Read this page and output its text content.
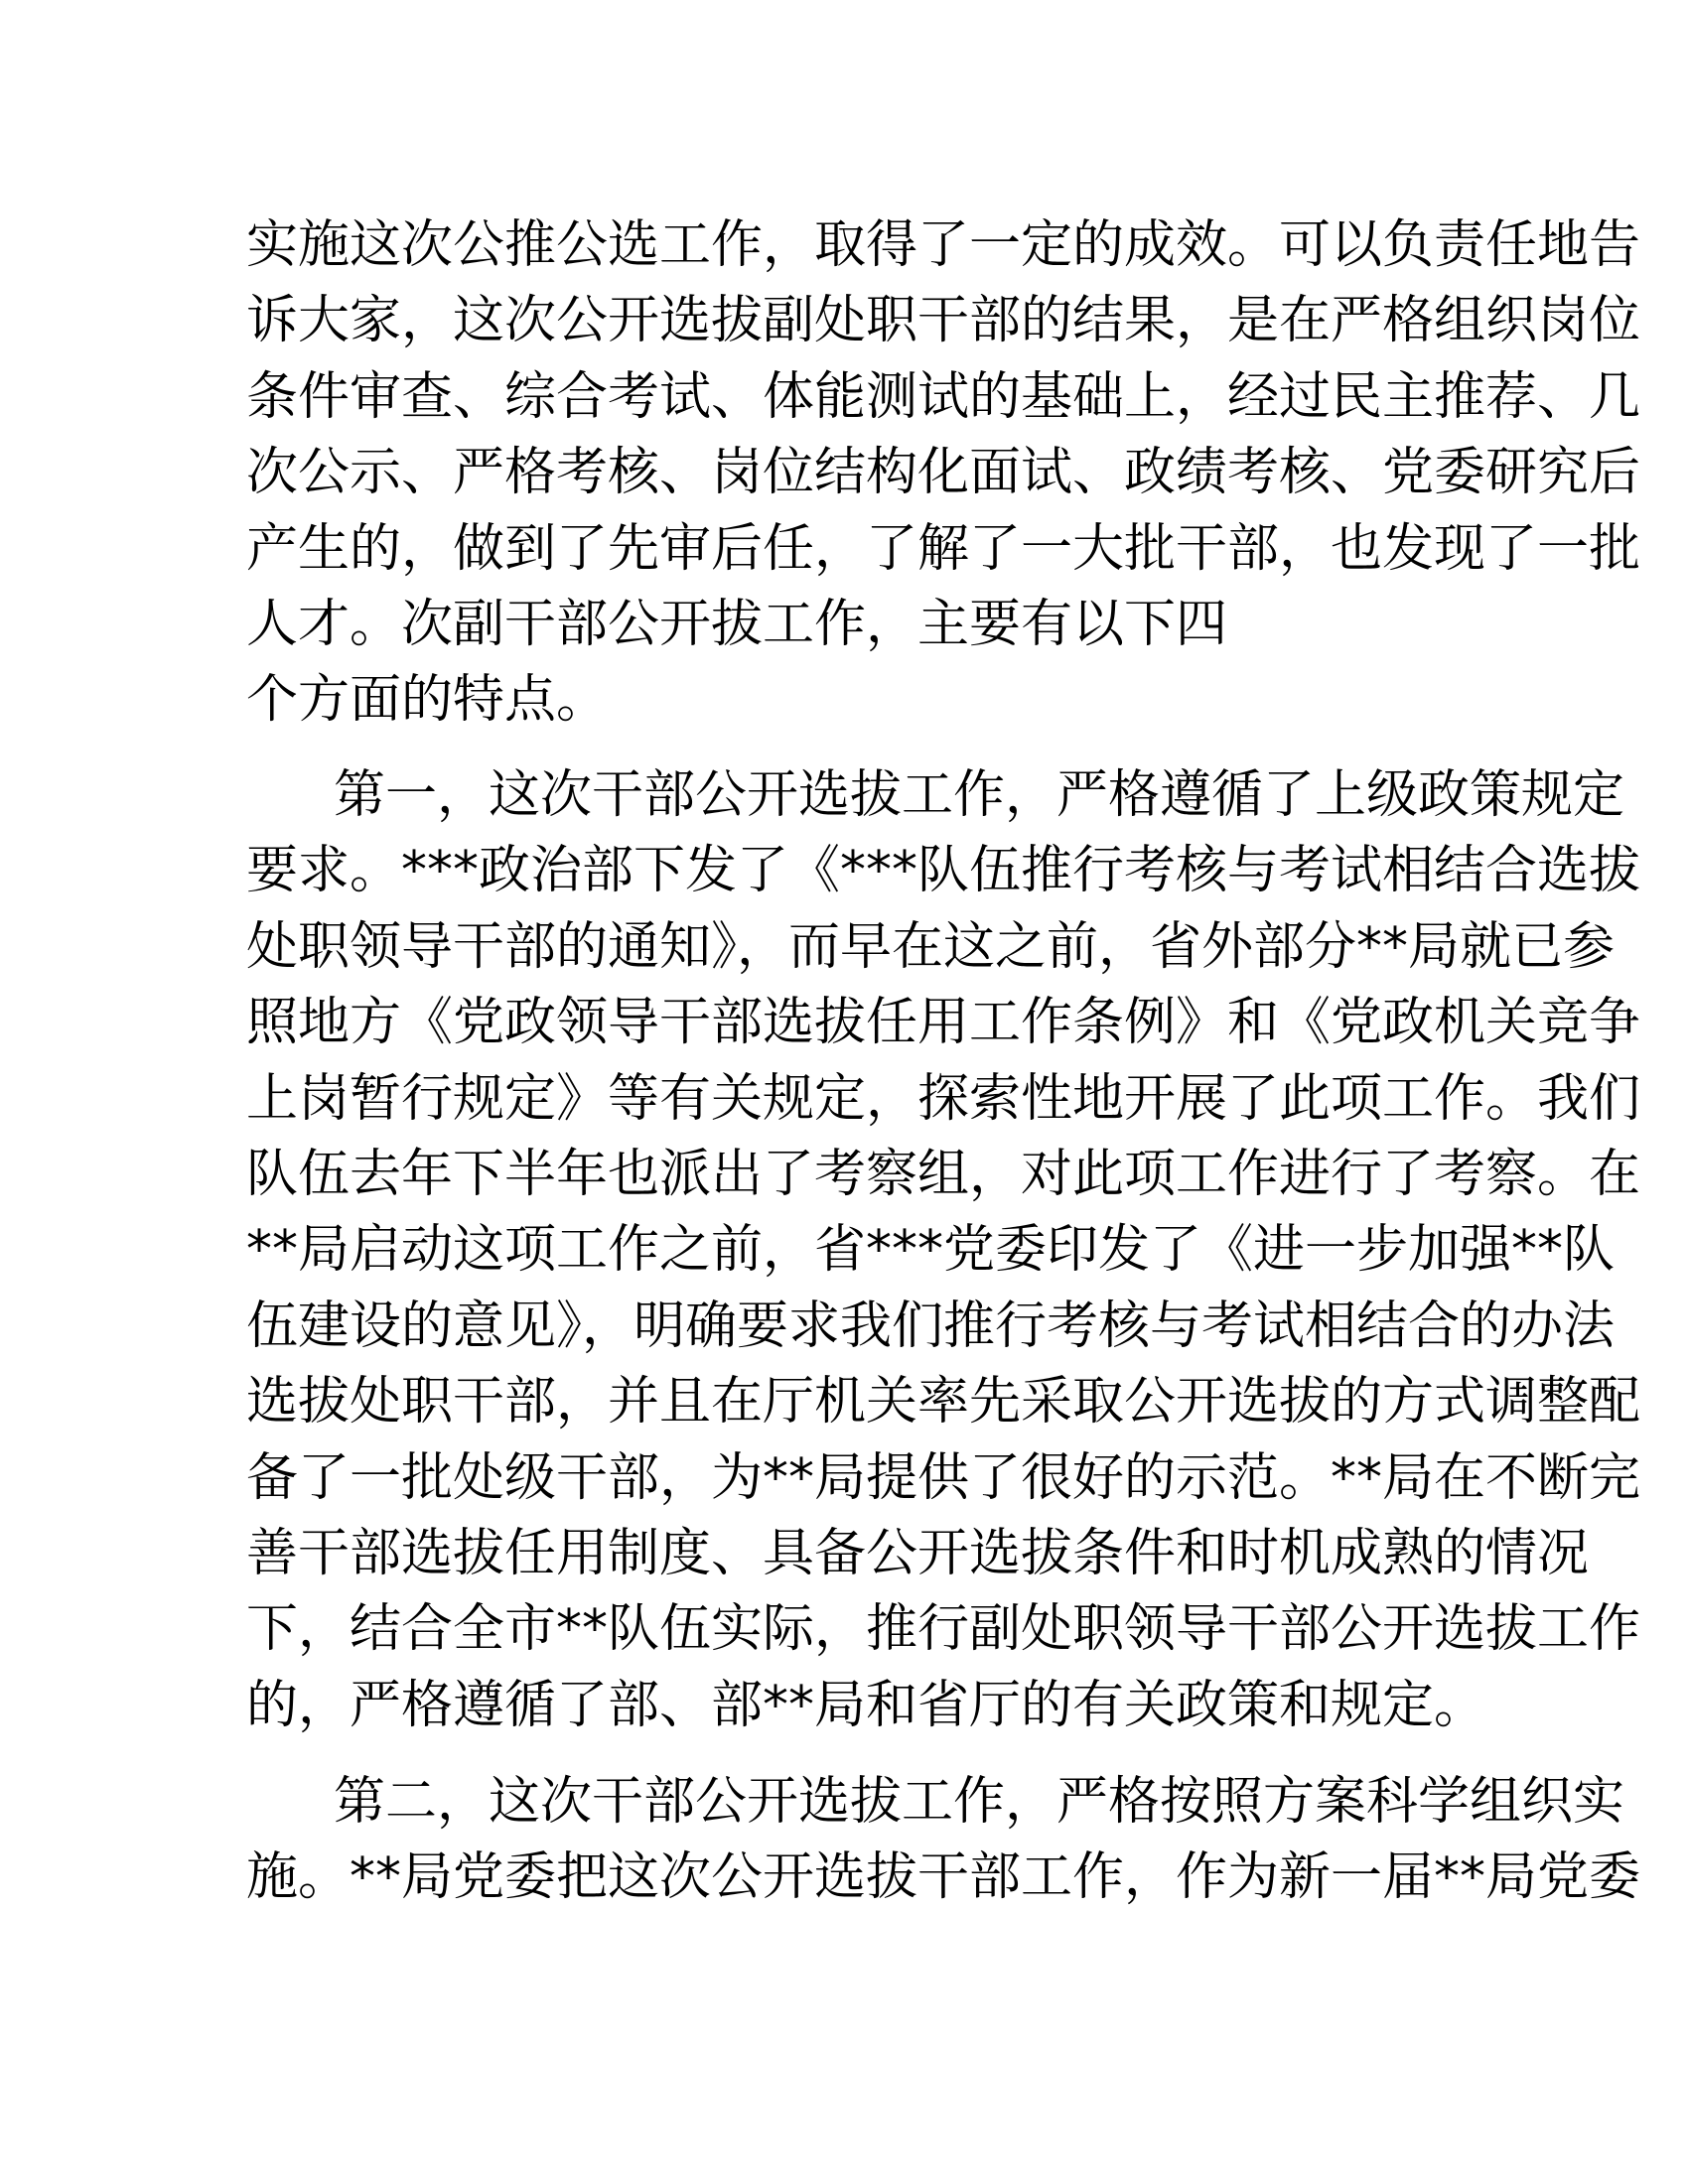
实施这次公推公选工作，取得了一定的成效。可以负责任地告
诉大家，这次公开选拔副处职干部的结果，是在严格组织岗位
条件审查、综合考试、体能测试的基础上，经过民主推荐、几
次公示、严格考核、岗位结构化面试、政绩考核、党委研究后
产生的，做到了先审后任，了解了一大批干部，也发现了一批
人才。次副干部公开拔工作，主要有以下四
个方面的特点。
第一，这次干部公开选拔工作，严格遵循了上级政策规定
要求。***政治部下发了《***队伍推行考核与考试相结合选拔
处职领导干部的通知》，而早在这之前，省外部分**局就已参
照地方《党政领导干部选拔任用工作条例》和《党政机关竞争
上岗暂行规定》等有关规定，探索性地开展了此项工作。我们
队伍去年下半年也派出了考察组，对此项工作进行了考察。在
**局启动这项工作之前，省***党委印发了《进一步加强**队
伍建设的意见》，明确要求我们推行考核与考试相结合的办法
选拔处职干部，并且在厅机关率先采取公开选拔的方式调整配
备了一批处级干部，为**局提供了很好的示范。**局在不断完
善干部选拔任用制度、具备公开选拔条件和时机成熟的情况
下，结合全市**队伍实际，推行副处职领导干部公开选拔工作
的，严格遵循了部、部**局和省厅的有关政策和规定。
第二，这次干部公开选拔工作，严格按照方案科学组织实
施。**局党委把这次公开选拔干部工作，作为新一届**局党委
